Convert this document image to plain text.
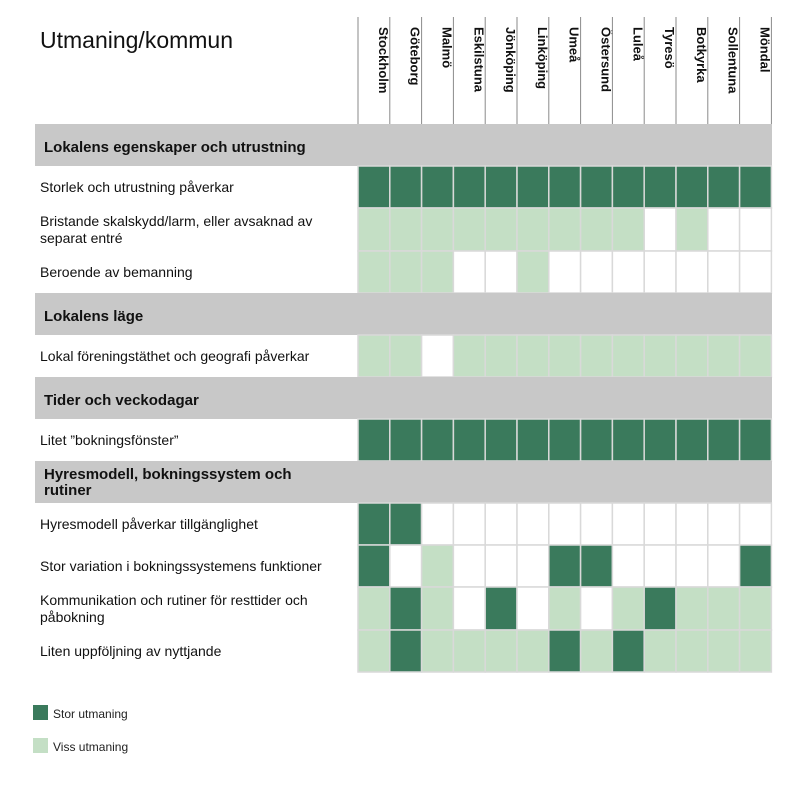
Utmaning/kommun	Stockholm Göteborg Malmö Eskilstuna Jönköping Linköping Umeå Östersund Luleå Tyresö Botkyrka Sollentuna Möndal
Lokalens egenskaper och utrustning
Storlek och utrustning påverkar
Bristande skalskydd/larm, eller avsaknad av separat entré
Beroende av bemanning
Lokalens läge
Lokal föreningstäthet och geografi påverkar
Tider och veckodagar
Litet ”bokningsfönster”
Hyresmodell, bokningssystem och rutiner
Hyresmodell påverkar tillgänglighet
Stor variation i bokningssystemens funktioner
Kommunikation och rutiner för resttider och påbokning
Liten uppföljning av nyttjande
Stor utmaning
Viss utmaning
